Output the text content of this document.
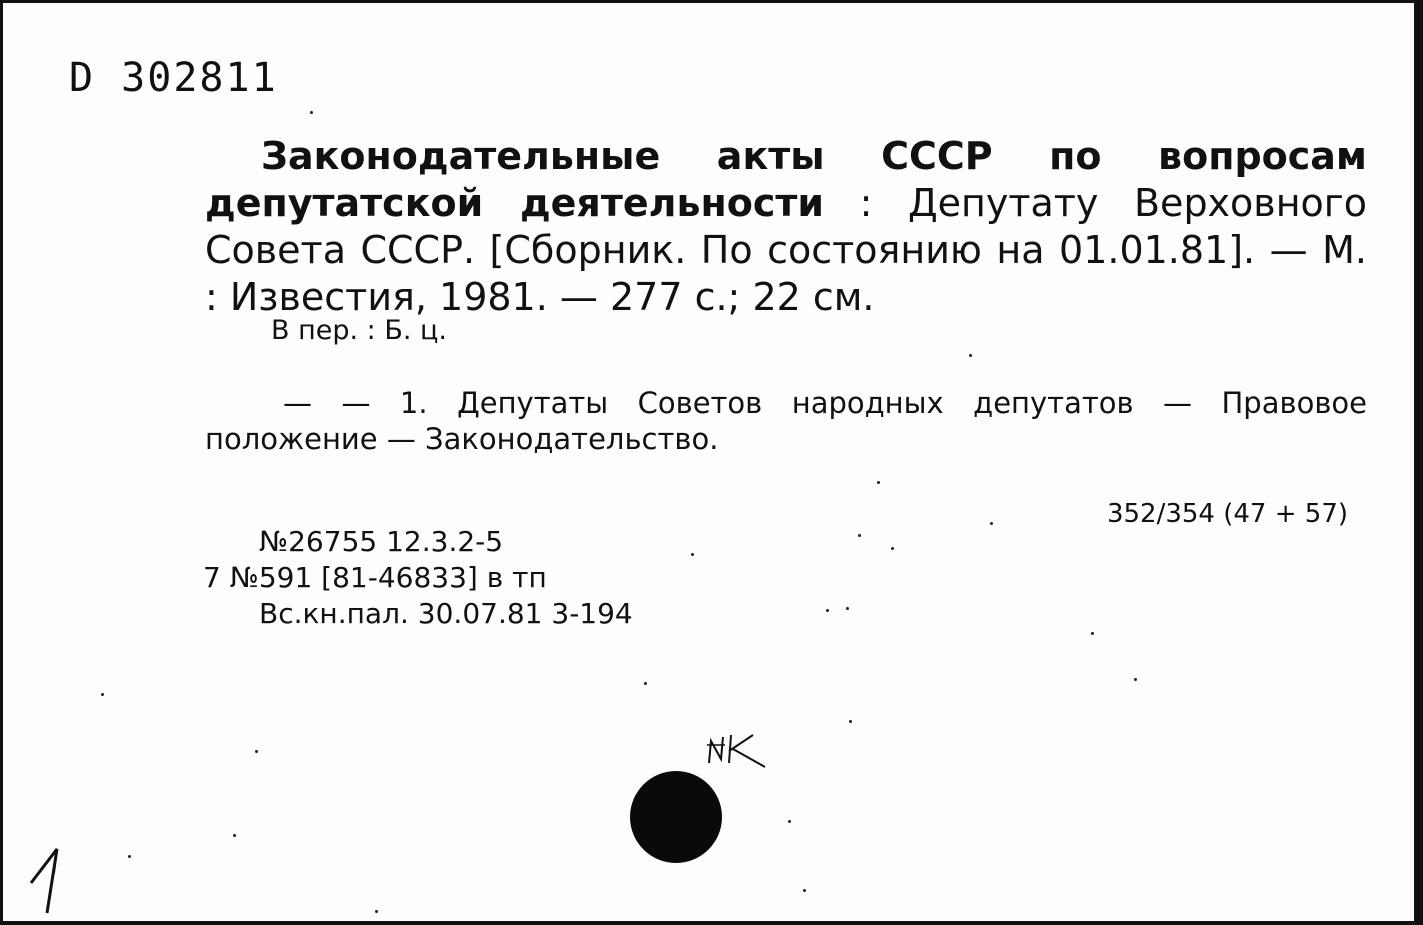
D 302811
Законодательные акты СССР по вопросам депутатской деятельности : Депутату Верховного Совета СССР. [Сборник. По состоянию на 01.01.81]. — М. : Известия, 1981. — 277 с.; 22 см.
В пер. : Б. ц.
— — 1. Депутаты Советов народных депутатов — Правовое положение — Законодательство.
352/354 (47 + 57)
№26755 12.3.2-5
7 №591 [81-46833] в тп
Вс.кн.пал. 30.07.81 3-194
